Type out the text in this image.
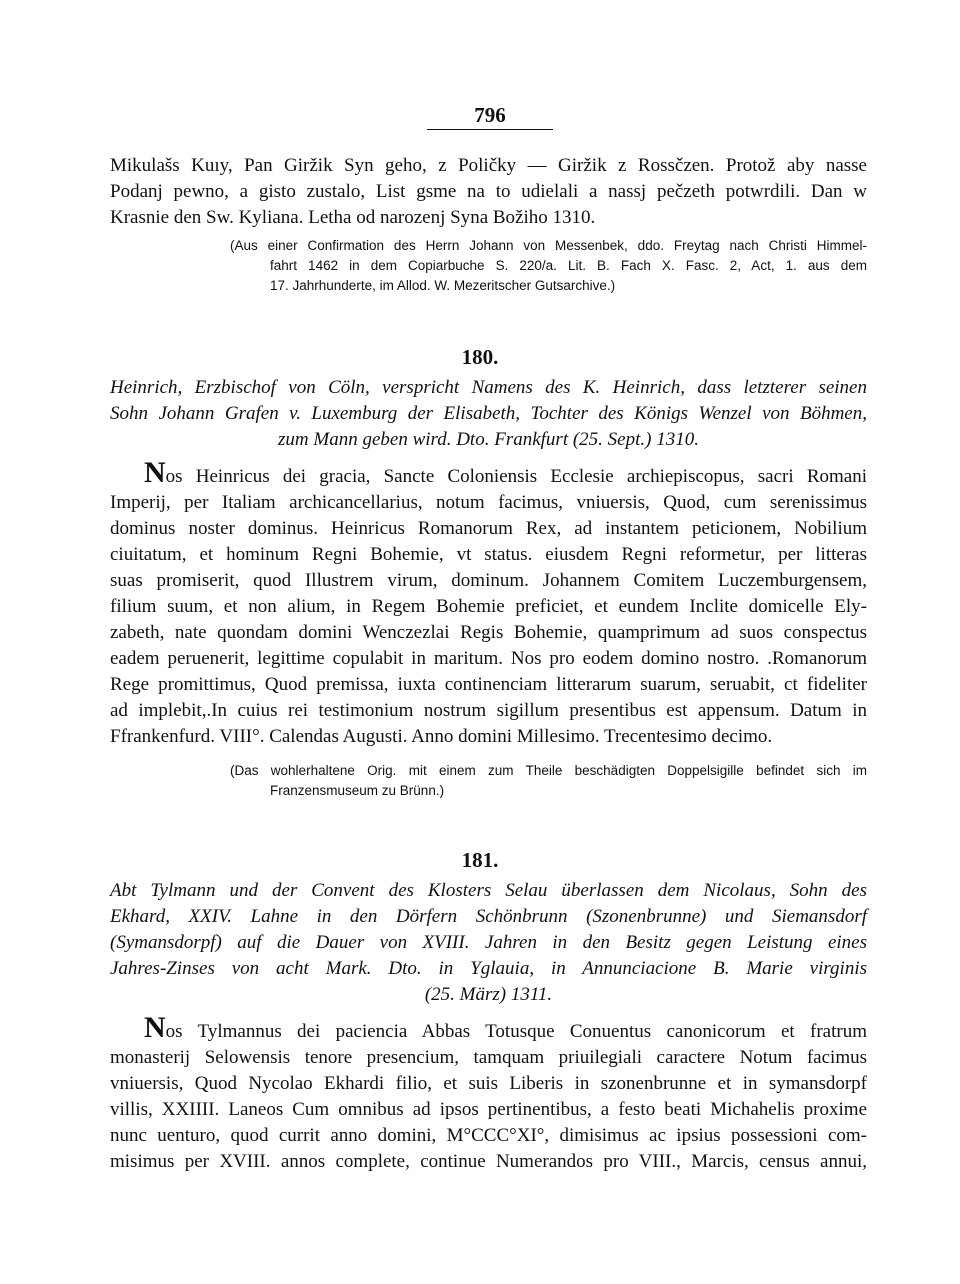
796
Mikulašs Kuıy, Pan Giržik Syn geho, z Poličky — Giržik z Rossčzen. Protož aby nasse
Podanj pewno, a gisto zustalo, List gsme na to udielali a nassj pečzeth potwrdili. Dan w
Krasnie den Sw. Kyliana. Letha od narozenj Syna Božiho 1310.
(Aus einer Confirmation des Herrn Johann von Messenbek, ddo. Freytag nach Christi Himmel-
fahrt 1462 in dem Copiarbuche S. 220/a. Lit. B. Fach X. Fasc. 2, Act, 1. aus dem
17. Jahrhunderte, im Allod. W. Mezeritscher Gutsarchive.)
180.
Heinrich, Erzbischof von Cöln, verspricht Namens des K. Heinrich, dass letzterer seinen
Sohn Johann Grafen v. Luxemburg der Elisabeth, Tochter des Königs Wenzel von Böhmen,
zum Mann geben wird. Dto. Frankfurt (25. Sept.) 1310.
Nos Heinricus dei gracia, Sancte Coloniensis Ecclesie archiepiscopus, sacri Romani
Imperij, per Italiam archicancellarius, notum facimus, vniuersis, Quod, cum serenissimus
dominus noster dominus. Heinricus Romanorum Rex, ad instantem peticionem, Nobilium
ciuitatum, et hominum Regni Bohemie, vt status. eiusdem Regni reformetur, per litteras
suas promiserit, quod Illustrem virum, dominum. Johannem Comitem Luczemburgensem,
filium suum, et non alium, in Regem Bohemie preficiet, et eundem Inclite domicelle Ely-
zabeth, nate quondam domini Wenczezlai Regis Bohemie, quamprimum ad suos conspectus
eadem peruenerit, legittime copulabit in maritum. Nos pro eodem domino nostro. .Romanorum
Rege promittimus, Quod premissa, iuxta continenciam litterarum suarum, seruabit, ct fideliter
ad implebit,.In cuius rei testimonium nostrum sigillum presentibus est appensum. Datum in
Ffrankenfurd. VIII°. Calendas Augusti. Anno domini Millesimo. Trecentesimo decimo.
(Das wohlerhaltene Orig. mit einem zum Theile beschädigten Doppelsigille befindet sich im
Franzensmuseum zu Brünn.)
181.
Abt Tylmann und der Convent des Klosters Selau überlassen dem Nicolaus, Sohn des
Ekhard, XXIV. Lahne in den Dörfern Schönbrunn (Szonenbrunne) und Siemansdorf
(Symansdorpf) auf die Dauer von XVIII. Jahren in den Besitz gegen Leistung eines
Jahres-Zinses von acht Mark. Dto. in Yglauia, in Annunciacione B. Marie virginis
(25. März) 1311.
Nos Tylmannus dei paciencia Abbas Totusque Conuentus canonicorum et fratrum
monasterij Selowensis tenore presencium, tamquam priuilegiali caractere Notum facimus
vniuersis, Quod Nycolao Ekhardi filio, et suis Liberis in szonenbrunne et in symansdorpf
villis, XXIIII. Laneos Cum omnibus ad ipsos pertinentibus, a festo beati Michahelis proxime
nunc uenturo, quod currit anno domini, M°CCC°XI°, dimisimus ac ipsius possessioni com-
misimus per XVIII. annos complete, continue Numerandos pro VIII., Marcis, census annui,
